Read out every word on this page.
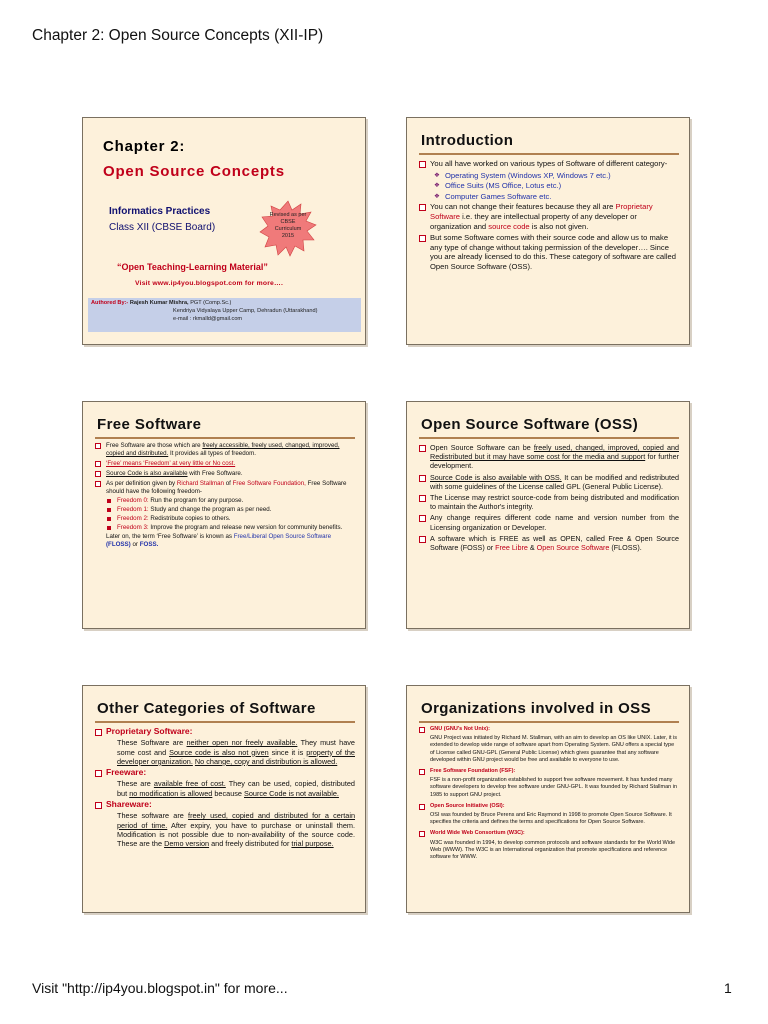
Chapter 2: Open Source Concepts (XII-IP)
Chapter 2:
Open Source Concepts
Informatics Practices
Class XII (CBSE Board)
Revised as per
CBSE
Curriculum
2015
“Open Teaching-Learning Material”
Visit www.ip4you.blogspot.com for more….
Authored By:- Rajesh Kumar Mishra, PGT (Comp.Sc.)
Kendriya Vidyalaya Upper Camp, Dehradun (Uttarakhand)
e-mail : rkmalld@gmail.com
Introduction
You all have worked on various types of Software of different category-
❖ Operating System (Windows XP, Windows 7 etc.)
❖ Office Suits (MS Office, Lotus etc.)
❖ Computer Games Software etc.
You can not change their features because they all are Proprietary Software i.e. they are intellectual property of any developer or organization and source code is also not given.
But some Software comes with their source code and allow us to make any type of change without taking permission of the developer…. Since you are already licensed to do this. These category of software are called Open Source Software (OSS).
Free Software
Free Software are those which are freely accessible, freely used, changed, improved, copied and distributed. It provides all types of freedom.
‘Free’ means ‘Freedom’ at very little or No cost.
Source Code is also available with Free Software.
As per definition given by Richard Stallman of Free Software Foundation, Free Software should have the following freedom-
Freedom 0: Run the program for any purpose.
Freedom 1: Study and change the program as per need.
Freedom 2: Redistribute copies to others.
Freedom 3: Improve the program and release new version for community benefits.
Later on, the term ‘Free Software’ is known as Free/Liberal Open Source Software (FLOSS) or FOSS.
Open Source Software (OSS)
Open Source Software can be freely used, changed, improved, copied and Redistributed but it may have some cost for the media and support for further development.
Source Code is also available with OSS. It can be modified and redistributed with some guidelines of the License called GPL (General Public License).
The License may restrict source-code from being distributed and modification to maintain the Author's integrity.
Any change requires different code name and version number from the Licensing organization or Developer.
A software which is FREE as well as OPEN, called Free & Open Source Software (FOSS) or Free Libre & Open Source Software (FLOSS).
Other Categories of Software
Proprietary Software:
These Software are neither open nor freely available. They must have some cost and Source code is also not given since it is property of the developer organization. No change, copy and distribution is allowed.
Freeware:
These are available free of cost. They can be used, copied, distributed but no modification is allowed because Source Code is not available.
Shareware:
These software are freely used, copied and distributed for a certain period of time. After expiry, you have to purchase or uninstall them. Modification is not possible due to non-availability of the source code. These are the Demo version and freely distributed for trial purpose.
Organizations involved in OSS
GNU (GNU's Not Unix):
GNU Project was initiated by Richard M. Stallman, with an aim to develop an OS like UNIX. Later, it is extended to develop wide range of software apart from Operating System. GNU offers a special type of License called GNU-GPL (General Public License) which gives guarantee that any software developed within GNU project would be free and available to everyone to use.
Free Software Foundation (FSF):
FSF is a non-profit organization established to support free software movement. It has funded many software developers to develop free software under GNU-GPL. It was founded by Richard Stallman in 1985 to support GNU project.
Open Source Initiative (OSI):
OSI was founded by Bruce Perens and Eric Raymond in 1998 to promote Open Source Software. It specifies the criteria and defines the terms and specifications for Open Source Software.
World Wide Web Consortium (W3C):
W3C was founded in 1994, to develop common protocols and software standards for the World Wide Web (WWW). The W3C is an International organization that promote specifications and reference software for WWW.
Visit "http://ip4you.blogspot.in" for more...	1
